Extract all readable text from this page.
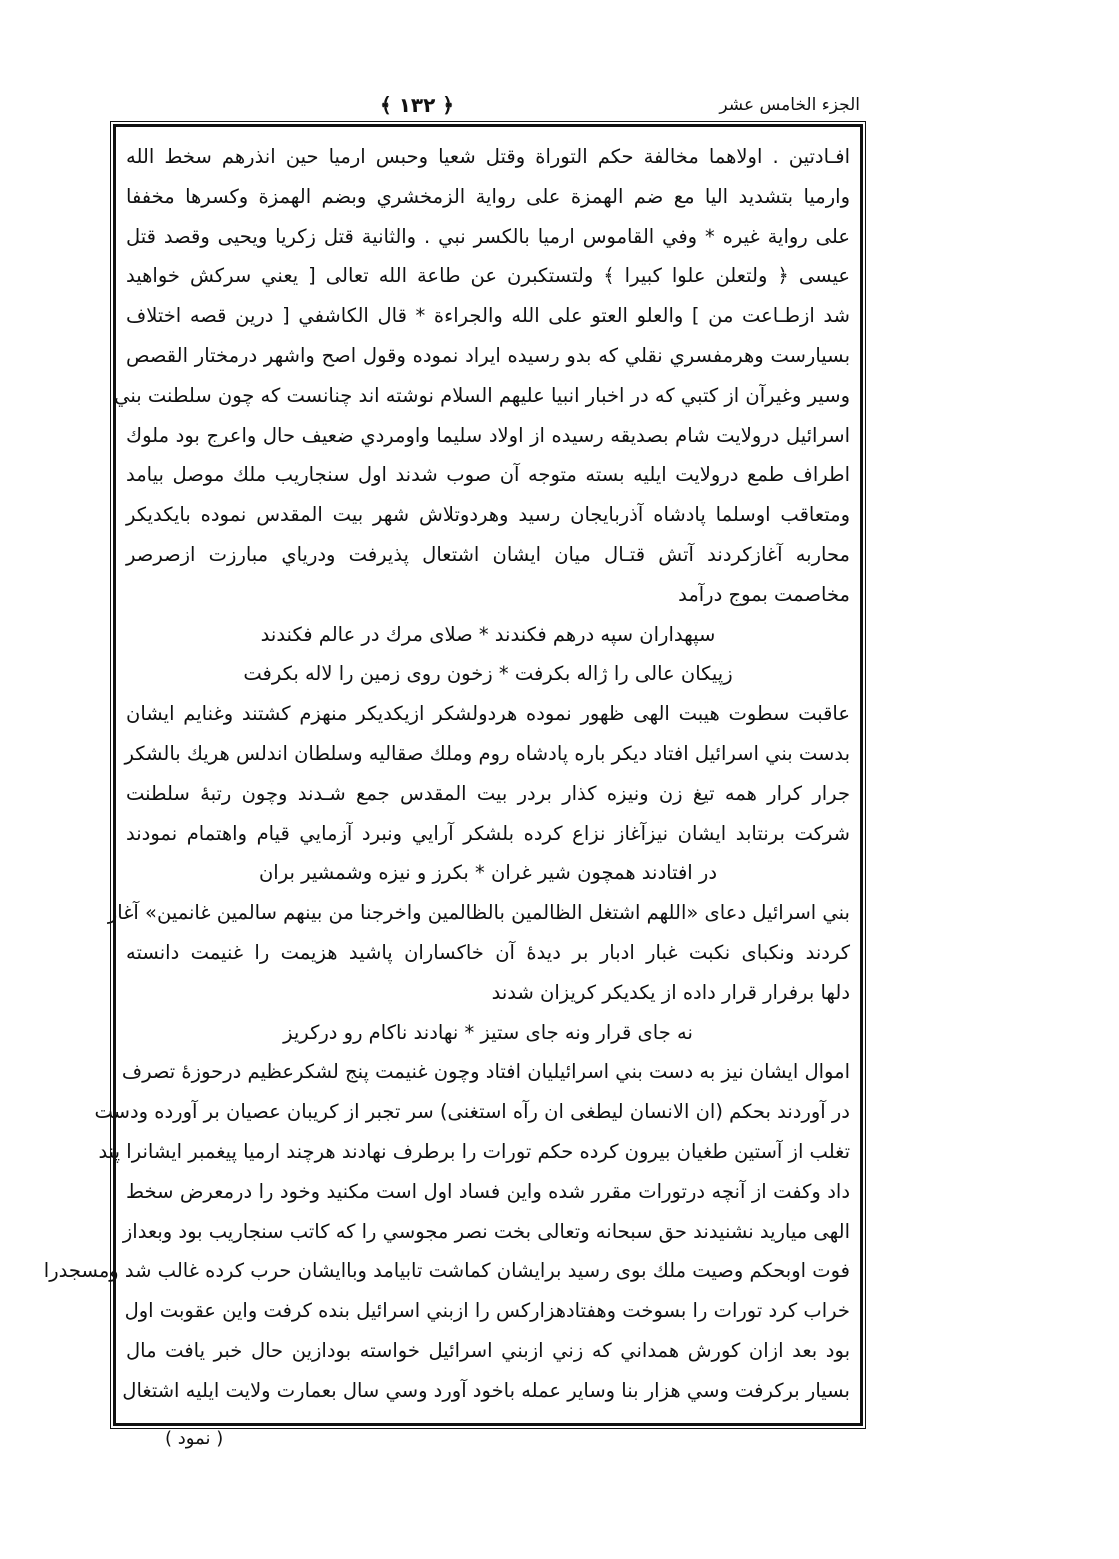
الجزء الخامس عشر
﴿ ١٣٢ ﴾
افـادتين . اولاهما مخالفة حكم التوراة وقتل شعيا وحبس ارميا حين انذرهم سخط الله
وارميا بتشديد اليا مع ضم الهمزة على رواية الزمخشري وبضم الهمزة وكسرها مخففا
على رواية غيره * وفي القاموس ارميا بالكسر نبي . والثانية قتل زكريا ويحيى وقصد قتل
عيسى ﴿ ولتعلن علوا كبيرا ﴾ ولتستكبرن عن طاعة الله تعالى [ يعني سركش خواهيد
شد ازطـاعت من ] والعلو العتو على الله والجراءة * قال الكاشفي [ درين قصه اختلاف
بسيارست وهرمفسري نقلي كه بدو رسيده ايراد نموده وقول اصح واشهر درمختار القصص
وسير وغيرآن از كتبي كه در اخبار انبيا عليهم السلام نوشته اند چنانست كه چون سلطنت بني
اسرائيل درولايت شام بصديقه رسيده از اولاد سليما واومردي ضعيف حال واعرج بود ملوك
اطراف طمع درولايت ايليه بسته متوجه آن صوب شدند اول سنجاريب ملك موصل بيامد
ومتعاقب اوسلما پادشاه آذربايجان رسيد وهردوتلاش شهر بيت المقدس نموده بايكديكر
محاربه آغازكردند آتش قتـال ميان ايشان اشتعال پذيرفت ودرياي مبارزت ازصرصر
مخاصمت بموج درآمد
سپهداران سپه درهم فكندند * صلاى مرك در عالم فكندند
زپيكان عالى را ژاله بكرفت * زخون روى زمين را لاله بكرفت
عاقبت سطوت هيبت الهى ظهور نموده هردولشكر ازيكديكر منهزم كشتند وغنايم ايشان
بدست بني اسرائيل افتاد ديكر باره پادشاه روم وملك صقاليه وسلطان اندلس هريك بالشكر
جرار كرار همه تيغ زن ونيزه كذار بردر بيت المقدس جمع شـدند وچون رتبهٔ سلطنت
شركت برنتابد ايشان نيزآغاز نزاع كرده بلشكر آرايي ونبرد آزمايي قيام واهتمام نمودند
در افتادند همچون شير غران * بكرز و نيزه وشمشير بران
بني اسرائيل دعاى «اللهم اشتغل الظالمين بالظالمين واخرجنا من بينهم سالمين غانمين» آغاز
كردند ونكباى نكبت غبار ادبار بر ديدهٔ آن خاكساران پاشيد هزيمت را غنيمت دانسته
دلها برفرار قرار داده از يكديكر كريزان شدند
نه جاى قرار ونه جاى ستيز * نهادند ناكام رو دركريز
اموال ايشان نيز به دست بني اسرائيليان افتاد وچون غنيمت پنج لشكرعظيم درحوزهٔ تصرف
در آوردند بحكم (ان الانسان ليطغى ان رآه استغنى) سر تجبر از كريبان عصيان بر آورده ودست
تغلب از آستين طغيان بيرون كرده حكم تورات را برطرف نهادند هرچند ارميا پيغمبر ايشانرا پند
داد وكفت از آنچه درتورات مقرر شده واين فساد اول است مكنيد وخود را درمعرض سخط
الهى مياريد نشنيدند حق سبحانه وتعالى بخت نصر مجوسي را كه كاتب سنجاريب بود وبعداز
فوت اوبحكم وصيت ملك بوى رسيد برايشان كماشت تابيامد وباايشان حرب كرده غالب شد ومسجدرا
خراب كرد تورات را بسوخت وهفتادهزاركس را ازبني اسرائيل بنده كرفت واين عقوبت اول
بود بعد ازان كورش همداني كه زني ازبني اسرائيل خواسته بودازين حال خبر يافت مال
بسيار بركرفت وسي هزار بنا وساير عمله باخود آورد وسي سال بعمارت ولايت ايليه اشتغال
( نمود )
